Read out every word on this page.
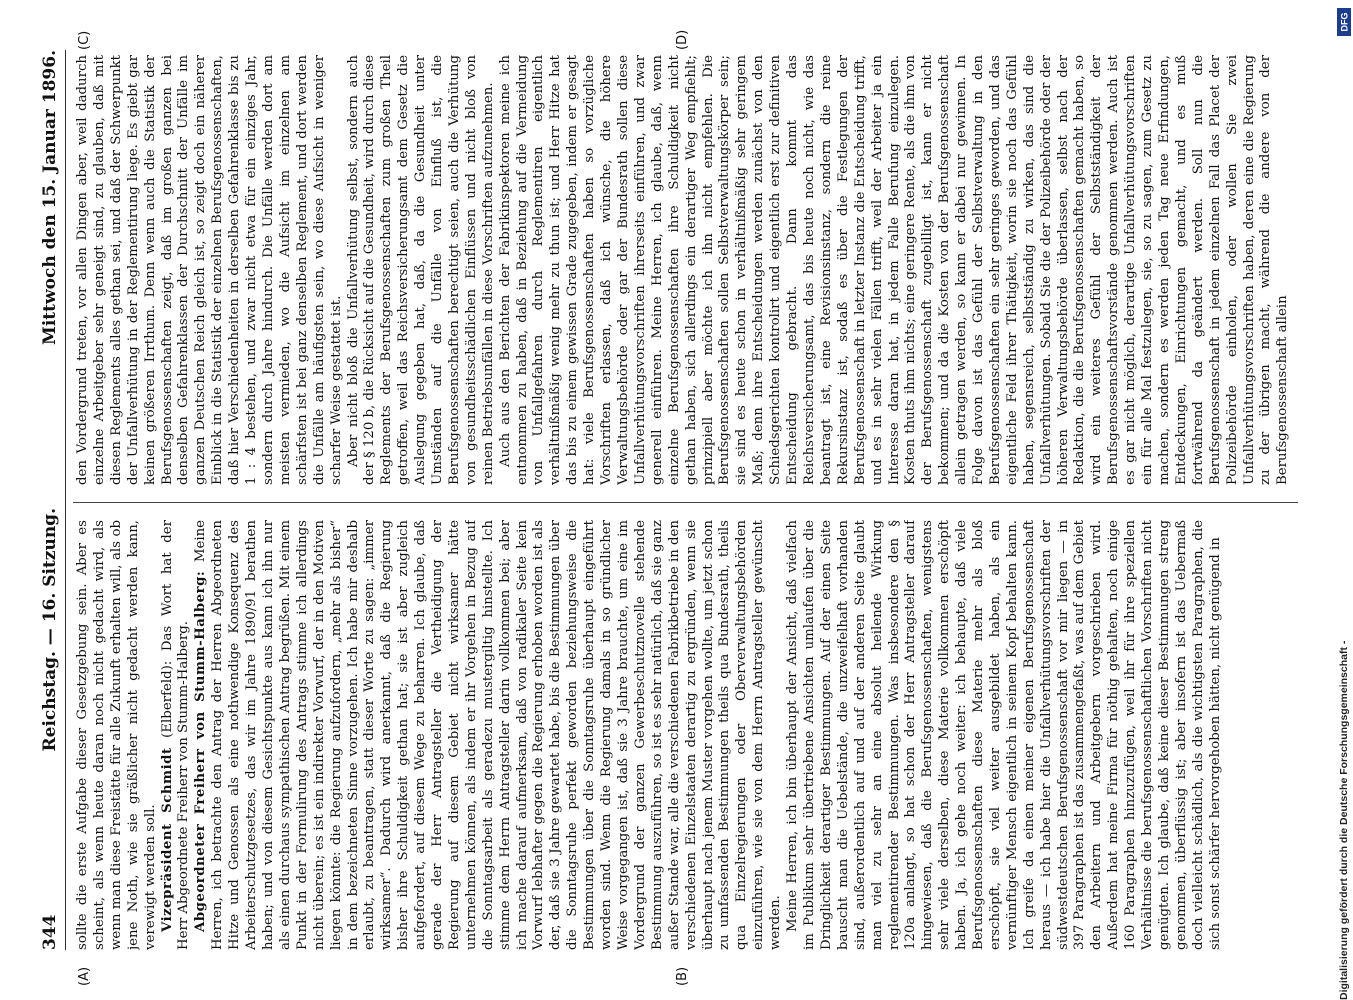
344
Reichstag. — 16. Sitzung.
Mittwoch den 15. Januar 1896.
(A)	(B)
(C)	(D)

sollte die erste Aufgabe dieser Gesetzgebung sein. Aber es scheint, als wenn heute daran noch nicht gedacht wird, als wenn man diese Freistätte für alle Zukunft erhalten will, als ob jene Noth, wie sie gräßlicher nicht gedacht werden kann, verewigt werden soll. Vizepräsident Schmidt (Elberfeld): Das Wort hat der Herr Abgeordnete Freiherr von Stumm-Halberg. Abgeordneter Freiherr von Stumm-Halberg: Meine Herren, ich betrachte den Antrag der Herren Abgeordneten Hitze und Genossen als eine nothwendige Konsequenz des Arbeiterschutzgesetzes, das wir im Jahre 1890/91 berathen haben; und von diesem Gesichtspunkte aus kann ich ihn nur als einen durchaus sympathischen Antrag begrüßen. Mit einem Punkt in der Formulirung des Antrags stimme ich allerdings nicht überein; es ist ein indirekter Vorwurf, der in den Motiven liegen könnte: die Regierung aufzufordern, „mehr als bisher“ in dem bezeichneten Sinne vorzugehen. Ich habe mir deshalb erlaubt, zu beantragen, statt dieser Worte zu sagen: „immer wirksamer“. Dadurch wird anerkannt, daß die Regierung bisher ihre Schuldigkeit gethan hat; sie ist aber zugleich aufgefordert, auf diesem Wege zu beharren. Ich glaube, daß gerade der Herr Antragsteller die Vertheidigung der Regierung auf diesem Gebiet nicht wirksamer hätte unternehmen können, als indem er ihr Vorgehen in Bezug auf die Sonntagsarbeit als geradezu mustergiltig hinstellte. Ich stimme dem Herrn Antragsteller darin vollkommen bei; aber ich mache darauf aufmerksam, daß von radikaler Seite kein Vorwurf lebhafter gegen die Regierung erhoben worden ist als der, daß sie 3 Jahre gewartet habe, bis die Bestimmungen über die Sonntagsruhe perfekt geworden beziehungsweise die Bestimmungen über die Sonntagsruhe überhaupt eingeführt worden sind. Wenn die Regierung damals in so gründlicher Weise vorgegangen ist, daß sie 3 Jahre brauchte, um eine im Vordergrund der ganzen Gewerbeschutznovelle stehende Bestimmung auszuführen, so ist es sehr natürlich, daß sie ganz außer Stande war, alle die verschiedenen Fabrikbetriebe in den verschiedenen Einzelstaaten derartig zu ergründen, wenn sie überhaupt nach jenem Muster vorgehen wollte, um jetzt schon zu umfassenden Bestimmungen theils qua Bundesrath, theils qua Einzelregierungen oder Oberverwaltungsbehörden einzuführen, wie sie von dem Herrn Antragsteller gewünscht werden. Meine Herren, ich bin überhaupt der Ansicht, daß vielfach im Publikum sehr übertriebene Ansichten umlaufen über die Dringlichkeit derartiger Bestimmungen. Auf der einen Seite bauscht man die Uebelstände, die unzweifelhaft vorhanden sind, außerordentlich auf und auf der anderen Seite glaubt man viel zu sehr an eine absolut heilende Wirkung reglementirender Bestimmungen. Was insbesondere den § 120a anlangt, so hat schon der Herr Antragsteller darauf hingewiesen, daß die Berufsgenossenschaften, wenigstens sehr viele derselben, diese Materie vollkommen erschöpft haben. Ja, ich gehe noch weiter: ich behaupte, daß viele Berufsgenossenschaften diese Materie mehr als bloß erschöpft, sie viel weiter ausgebildet haben, als ein vernünftiger Mensch eigentlich in seinem Kopf behalten kann. Ich greife da einen meiner eigenen Berufsgenossenschaft heraus — ich habe hier die Unfallverhütungsvorschriften der südwestdeutschen Berufsgenossenschaft vor mir liegen — in 397 Paragraphen ist das zusammengefaßt, was auf dem Gebiet den Arbeitern und Arbeitgebern vorgeschrieben wird. Außerdem hat meine Firma für nöthig gehalten, noch einige 160 Paragraphen hinzuzufügen, weil ihr für ihre speziellen Verhältnisse die berufsgenossenschaftlichen Vorschriften nicht genügten. Ich glaube, daß keine dieser Bestimmungen streng genommen, überflüssig ist; aber insofern ist das Uebermaß doch vielleicht schädlich, als die wichtigsten Paragraphen, die sich sonst schärfer hervorgehoben hätten, nicht genügend in

den Vordergrund treten, vor allen Dingen aber, weil dadurch einzelne Arbeitgeber sehr geneigt sind, zu glauben, daß mit diesen Reglements alles gethan sei, und daß der Schwerpunkt der Unfallverhütung in der Reglementirung liege. Es giebt gar keinen größeren Irrthum. Denn wenn auch die Statistik der Berufsgenossenschaften zeigt, daß im großen ganzen bei denselben Gefahrenklassen der Durchschnitt der Unfälle im ganzen Deutschen Reich gleich ist, so zeigt doch ein näherer Einblick in die Statistik der einzelnen Berufsgenossenschaften, daß hier Verschiedenheiten in derselben Gefahrenklasse bis zu 1 : 4 bestehen, und zwar nicht etwa für ein einziges Jahr, sondern durch Jahre hindurch. Die Unfälle werden dort am meisten vermieden, wo die Aufsicht im einzelnen am schärfsten ist bei ganz denselben Reglement, und dort werden die Unfälle am häufigsten sein, wo diese Aufsicht in weniger scharfer Weise gestattet ist. Aber nicht bloß die Unfallverhütung selbst, sondern auch der § 120 b, die Rücksicht auf die Gesundheit, wird durch diese Reglements der Berufsgenossenschaften zum großen Theil getroffen, weil das Reichsversicherungsamt dem Gesetz die Auslegung gegeben hat, daß, da die Gesundheit unter Umständen auf die Unfälle von Einfluß ist, die Berufsgenossenschaften berechtigt seien, auch die Verhütung von gesundheitsschädlichen Einflüssen und nicht bloß von reinen Betriebsunfällen in diese Vorschriften aufzunehmen. Auch aus den Berichten der Fabrikinspektoren meine ich entnommen zu haben, daß in Beziehung auf die Vermeidung von Unfallgefahren durch Reglementiren eigentlich verhältnißmäßig wenig mehr zu thun ist; und Herr Hitze hat das bis zu einem gewissen Grade zugegeben, indem er gesagt hat: viele Berufsgenossenschaften haben so vorzügliche Vorschriften erlassen, daß ich wünsche, die höhere Verwaltungsbehörde oder gar der Bundesrath sollen diese Unfallverhütungsvorschriften ihrerseits einführen, und zwar generell einführen. Meine Herren, ich glaube, daß, wenn einzelne Berufsgenossenschaften ihre Schuldigkeit nicht gethan haben, sich allerdings ein derartiger Weg empfiehlt; prinzipiell aber möchte ich ihn nicht empfehlen. Die Berufsgenossenschaften sollen Selbstverwaltungskörper sein; sie sind es heute schon in verhältnißmäßig sehr geringem Maß; denn ihre Entscheidungen werden zunächst von den Schiedsgerichten kontrolirt und eigentlich erst zur definitiven Entscheidung gebracht. Dann kommt das Reichsversicherungsamt, das bis heute noch nicht, wie das beantragt ist, eine Revisionsinstanz, sondern die reine Rekursinstanz ist, sodaß es über die Festlegungen der Berufsgenossenschaft in letzter Instanz die Entscheidung trifft, und es in sehr vielen Fällen trifft, weil der Arbeiter ja ein Interesse daran hat, in jedem Falle Berufung einzulegen. Kosten thuts ihm nichts; eine geringere Rente, als die ihm von der Berufsgenossenschaft zugebilligt ist, kann er nicht bekommen; und da die Kosten von der Berufsgenossenschaft allein getragen werden, so kann er dabei nur gewinnen. In Folge davon ist das Gefühl der Selbstverwaltung in den Berufsgenossenschaften ein sehr geringes geworden, und das eigentliche Feld ihrer Thätigkeit, worin sie noch das Gefühl haben, segensreich, selbstständig zu wirken, das sind die Unfallverhütungen. Sobald Sie die der Polizeibehörde oder der höheren Verwaltungsbehörde überlassen, selbst nach der Redaktion, die die Berufsgenossenschaften gemacht haben, so wird ein weiteres Gefühl der Selbstständigkeit der Berufsgenossenschaftsvorstände genommen werden. Auch ist es gar nicht möglich, derartige Unfallverhütungsvorschriften ein für alle Mal festzulegen, sie, so zu sagen, zum Gesetz zu machen, sondern es werden jeden Tag neue Erfindungen, Entdeckungen, Einrichtungen gemacht, und es muß fortwährend da geändert werden. Soll nun die Berufsgenossenschaft in jedem einzelnen Fall das Placet der Polizeibehörde einholen, oder wollen Sie zwei Unfallverhütungsvorschriften haben, deren eine die Regierung zu der übrigen macht, während die andere von der Berufsgenossenschaft allein

DFG
Digitalisierung gefördert durch die Deutsche Forschungsgemeinschaft -
